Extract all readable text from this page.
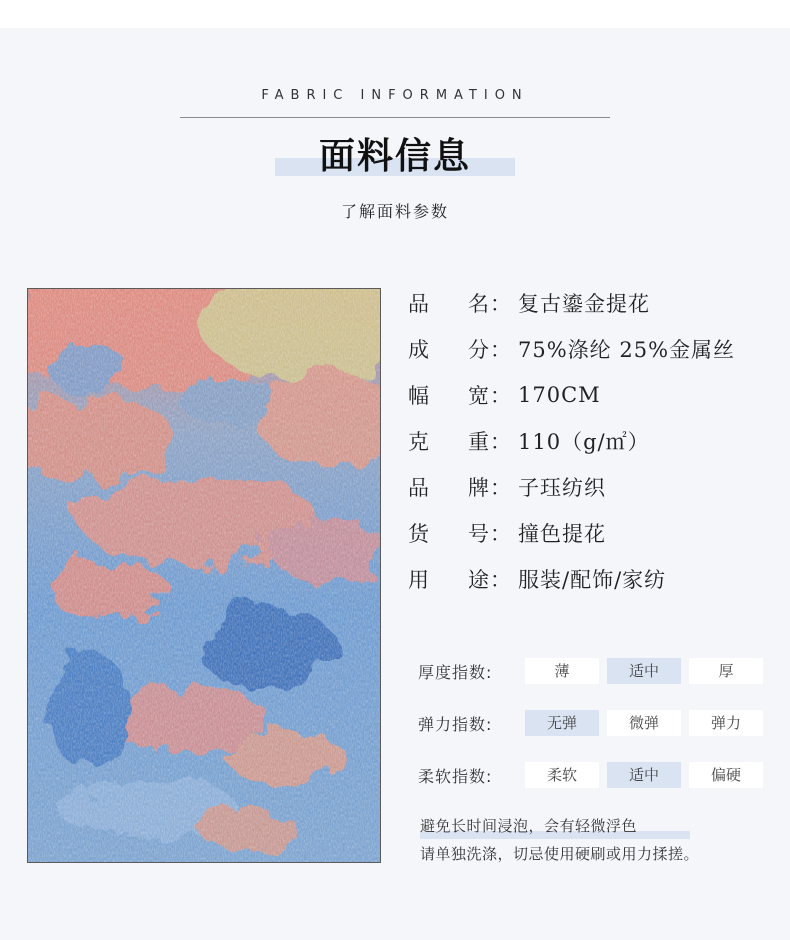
FABRIC INFORMATION
面料信息
了解面料参数
品 名 ： 复古鎏金提花
成 分 ： 75%涤纶 25%金属丝
幅 宽 ： 170CM
克 重 ： 110（g/㎡）
品 牌 ： 子珏纺织
货 号 ： 撞色提花
用 途 ： 服装/配饰/家纺
厚度指数:	薄	适中	厚
弹力指数:	无弹	微弹	弹力
柔软指数:	柔软	适中	偏硬
避免长时间浸泡，会有轻微浮色
请单独洗涤，切忌使用硬刷或用力揉搓。
